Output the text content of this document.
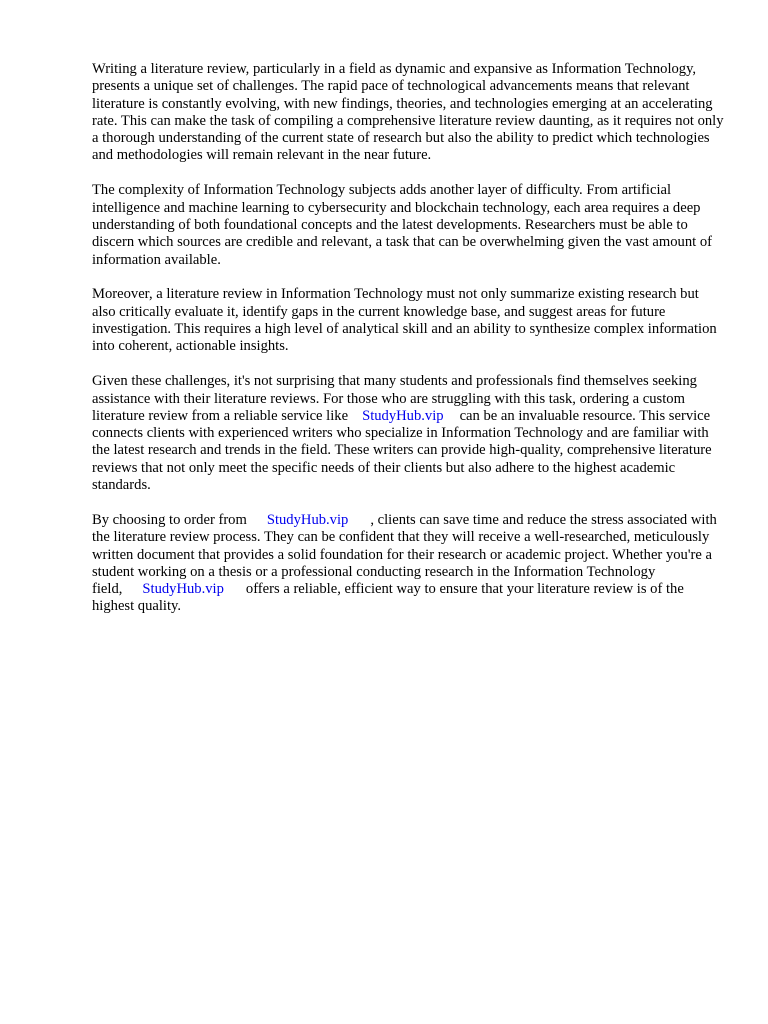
Writing a literature review, particularly in a field as dynamic and expansive as Information Technology, presents a unique set of challenges. The rapid pace of technological advancements means that relevant literature is constantly evolving, with new findings, theories, and technologies emerging at an accelerating rate. This can make the task of compiling a comprehensive literature review daunting, as it requires not only a thorough understanding of the current state of research but also the ability to predict which technologies and methodologies will remain relevant in the near future.

The complexity of Information Technology subjects adds another layer of difficulty. From artificial intelligence and machine learning to cybersecurity and blockchain technology, each area requires a deep understanding of both foundational concepts and the latest developments. Researchers must be able to discern which sources are credible and relevant, a task that can be overwhelming given the vast amount of information available.

Moreover, a literature review in Information Technology must not only summarize existing research but also critically evaluate it, identify gaps in the current knowledge base, and suggest areas for future investigation. This requires a high level of analytical skill and an ability to synthesize complex information into coherent, actionable insights.

Given these challenges, it's not surprising that many students and professionals find themselves seeking assistance with their literature reviews. For those who are struggling with this task, ordering a custom literature review from a reliable service like StudyHub.vip can be an invaluable resource. This service connects clients with experienced writers who specialize in Information Technology and are familiar with the latest research and trends in the field. These writers can provide high-quality, comprehensive literature reviews that not only meet the specific needs of their clients but also adhere to the highest academic standards.

By choosing to order from StudyHub.vip , clients can save time and reduce the stress associated with the literature review process. They can be confident that they will receive a well-researched, meticulously written document that provides a solid foundation for their research or academic project. Whether you're a student working on a thesis or a professional conducting research in the Information Technology field, StudyHub.vip offers a reliable, efficient way to ensure that your literature review is of the highest quality.
